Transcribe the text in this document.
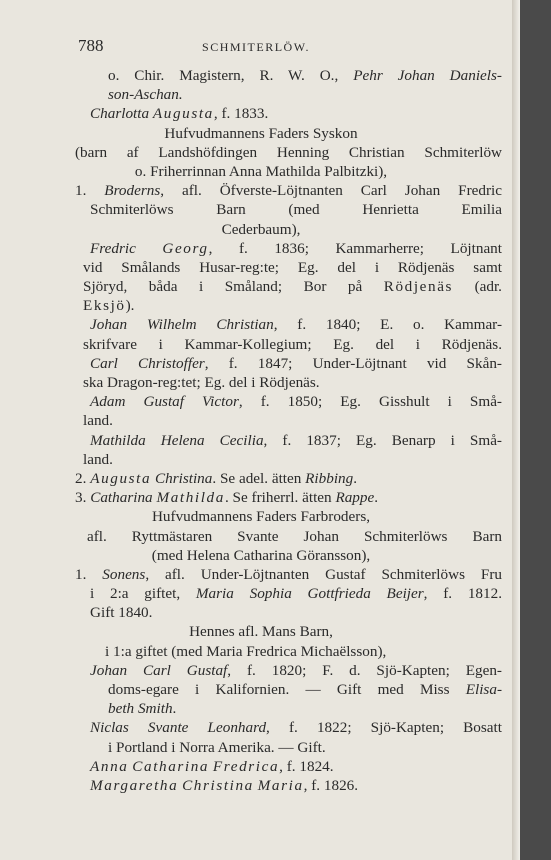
788	SCHMITERLÖW.
o. Chir. Magistern, R. W. O., Pehr Johan Daniels-
son-Aschan.
Charlotta Augusta, f. 1833.
Hufvudmannens Faders Syskon
(barn af Landshöfdingen Henning Christian Schmiterlöw
o. Friherrinnan Anna Mathilda Palbitzki),
1. Broderns, afl. Öfverste-Löjtnanten Carl Johan Fredric
Schmiterlöws Barn (med Henrietta Emilia
Cederbaum),
Fredric Georg, f. 1836; Kammarherre; Löjtnant
vid Smålands Husar-reg:te; Eg. del i Rödjenäs samt
Sjöryd, båda i Småland; Bor på Rödjenäs (adr.
Eksjö).
Johan Wilhelm Christian, f. 1840; E. o. Kammar-
skrifvare i Kammar-Kollegium; Eg. del i Rödjenäs.
Carl Christoffer, f. 1847; Under-Löjtnant vid Skån-
ska Dragon-reg:tet; Eg. del i Rödjenäs.
Adam Gustaf Victor, f. 1850; Eg. Gisshult i Små-
land.
Mathilda Helena Cecilia, f. 1837; Eg. Benarp i Små-
land.
2. Augusta Christina. Se adel. ätten Ribbing.
3. Catharina Mathilda. Se friherrl. ätten Rappe.
Hufvudmannens Faders Farbroders,
afl. Ryttmästaren Svante Johan Schmiterlöws Barn
(med Helena Catharina Göransson),
1. Sonens, afl. Under-Löjtnanten Gustaf Schmiterlöws Fru
i 2:a giftet, Maria Sophia Gottfrieda Beijer, f. 1812.
Gift 1840.
Hennes afl. Mans Barn,
i 1:a giftet (med Maria Fredrica Michaëlsson),
Johan Carl Gustaf, f. 1820; F. d. Sjö-Kapten; Egen-
doms-egare i Kalifornien. — Gift med Miss Elisa-
beth Smith.
Niclas Svante Leonhard, f. 1822; Sjö-Kapten; Bosatt
i Portland i Norra Amerika. — Gift.
Anna Catharina Fredrica, f. 1824.
Margaretha Christina Maria, f. 1826.
